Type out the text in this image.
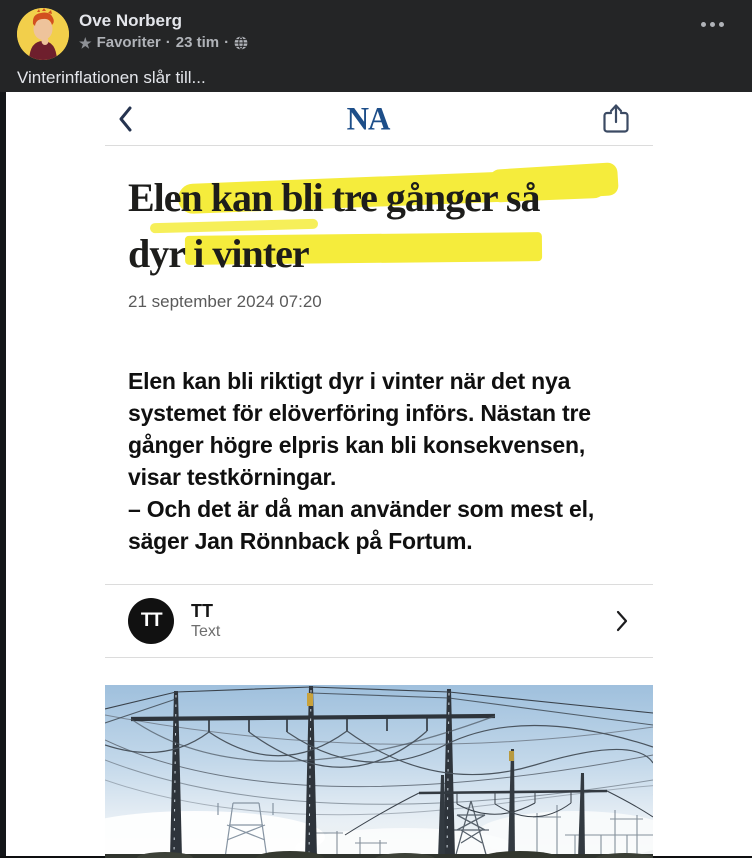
Ove Norberg
★ Favoriter · 23 tim ·
Vinterinflationen slår till...
NA
Elen kan bli tre gånger så
dyr i vinter
21 september 2024 07:20

Elen kan bli riktigt dyr i vinter när det nya systemet för elöverföring införs. Nästan tre gånger högre elpris kan bli konsekvensen, visar testkörningar.

– Och det är då man använder som mest el, säger Jan Rönnback på Fortum.

TT	TT
Text
